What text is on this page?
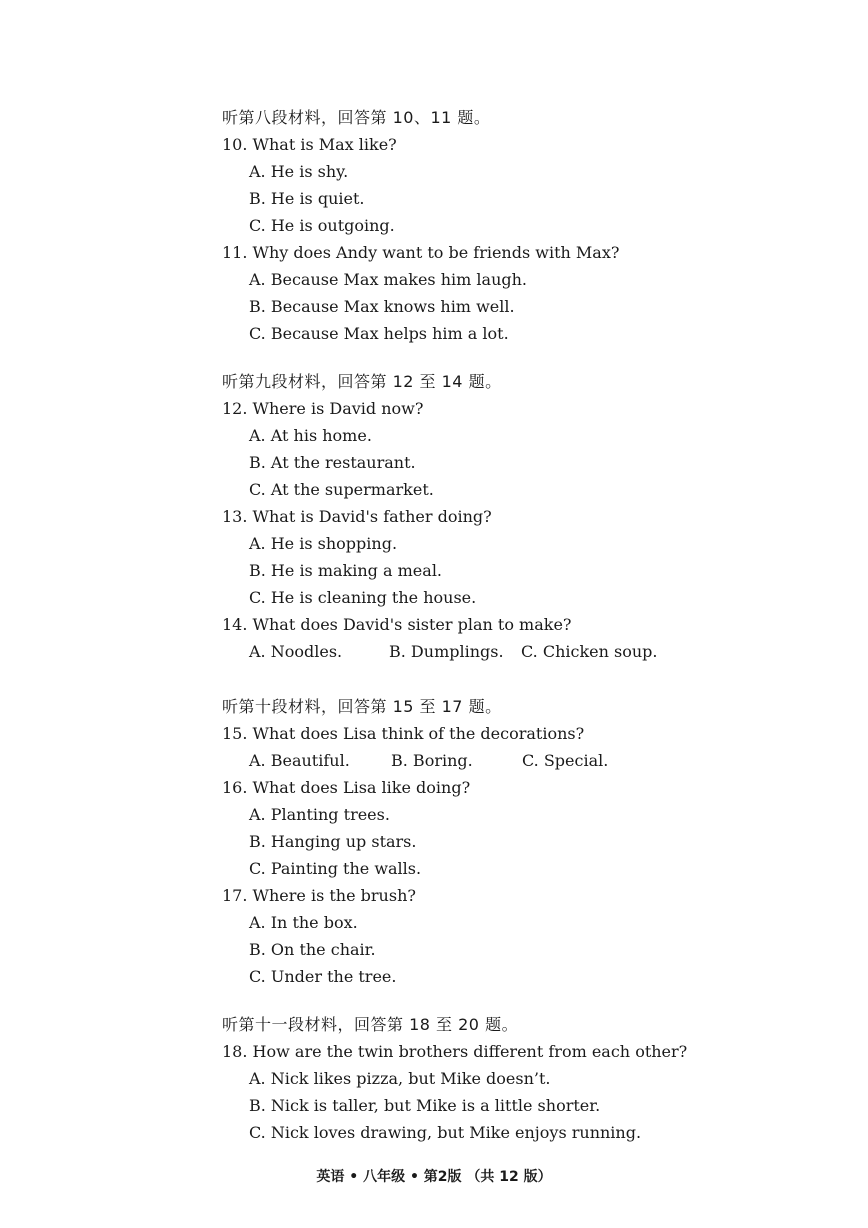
听第八段材料，回答第 10、11 题。
10. What is Max like?
A. He is shy.
B. He is quiet.
C. He is outgoing.
11. Why does Andy want to be friends with Max?
A. Because Max makes him laugh.
B. Because Max knows him well.
C. Because Max helps him a lot.
听第九段材料，回答第 12 至 14 题。
12. Where is David now?
A. At his home.
B. At the restaurant.
C. At the supermarket.
13. What is David's father doing?
A. He is shopping.
B. He is making a meal.
C. He is cleaning the house.
14. What does David's sister plan to make?
A. Noodles.	B. Dumplings.	C. Chicken soup.
听第十段材料，回答第 15 至 17 题。
15. What does Lisa think of the decorations?
A. Beautiful.	B. Boring.	C. Special.
16. What does Lisa like doing?
A. Planting trees.
B. Hanging up stars.
C. Painting the walls.
17. Where is the brush?
A. In the box.
B. On the chair.
C. Under the tree.
听第十一段材料，回答第 18 至 20 题。
18. How are the twin brothers different from each other?
A. Nick likes pizza, but Mike doesn’t.
B. Nick is taller, but Mike is a little shorter.
C. Nick loves drawing, but Mike enjoys running.
英语 • 八年级 • 第2版 （共 12 版）
